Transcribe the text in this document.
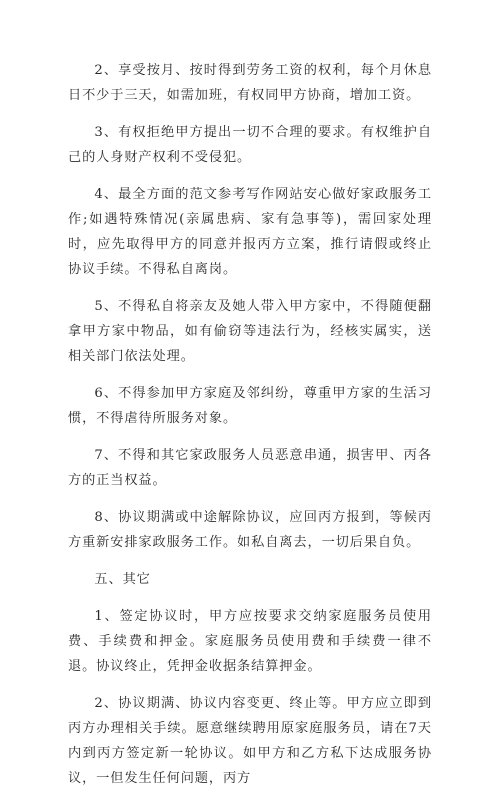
2、享受按月、按时得到劳务工资的权利，每个月休息日不少于三天，如需加班，有权同甲方协商，增加工资。

3、有权拒绝甲方提出一切不合理的要求。有权维护自己的人身财产权利不受侵犯。

4、最全方面的范文参考写作网站安心做好家政服务工作;如遇特殊情况(亲属患病、家有急事等)，需回家处理时，应先取得甲方的同意并报丙方立案，推行请假或终止协议手续。不得私自离岗。

5、不得私自将亲友及她人带入甲方家中，不得随便翻拿甲方家中物品，如有偷窃等违法行为，经核实属实，送相关部门依法处理。

6、不得参加甲方家庭及邻纠纷，尊重甲方家的生活习惯，不得虐待所服务对象。

7、不得和其它家政服务人员恶意串通，损害甲、丙各方的正当权益。

8、协议期满或中途解除协议，应回丙方报到，等候丙方重新安排家政服务工作。如私自离去，一切后果自负。

五、其它

1、签定协议时，甲方应按要求交纳家庭服务员使用费、手续费和押金。家庭服务员使用费和手续费一律不退。协议终止，凭押金收据条结算押金。

2、协议期满、协议内容变更、终止等。甲方应立即到丙方办理相关手续。愿意继续聘用原家庭服务员，请在7天内到丙方签定新一轮协议。如甲方和乙方私下达成服务协议，一但发生任何问题，丙方
